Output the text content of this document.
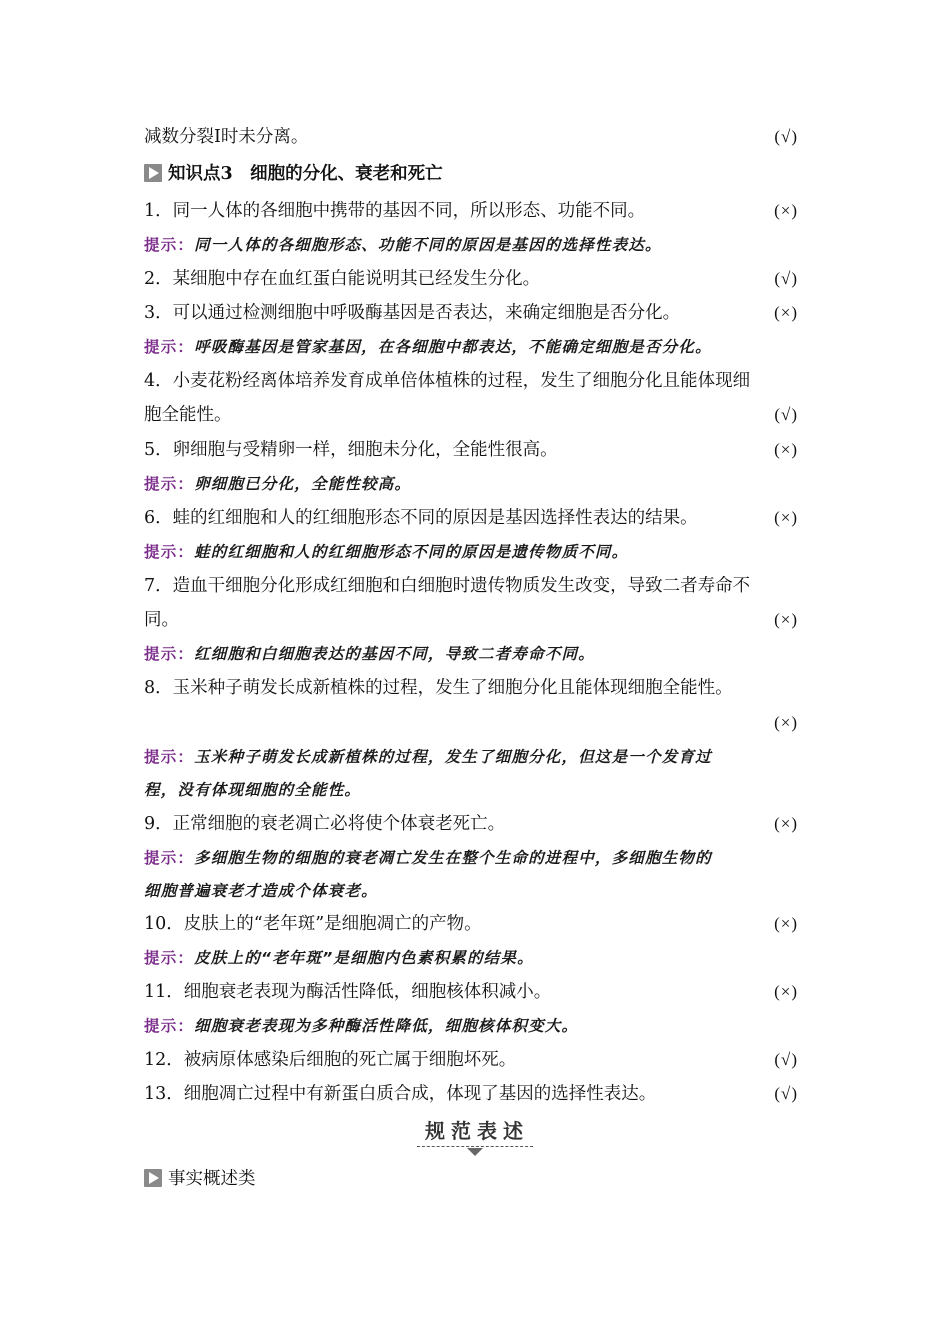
减数分裂Ⅰ时未分离。	(√)
知识点3　细胞的分化、衰老和死亡
1．同一人体的各细胞中携带的基因不同，所以形态、功能不同。	(×)
提示：同一人体的各细胞形态、功能不同的原因是基因的选择性表达。
2．某细胞中存在血红蛋白能说明其已经发生分化。	(√)
3．可以通过检测细胞中呼吸酶基因是否表达，来确定细胞是否分化。	(×)
提示：呼吸酶基因是管家基因，在各细胞中都表达，不能确定细胞是否分化。
4．小麦花粉经离体培养发育成单倍体植株的过程，发生了细胞分化且能体现细
胞全能性。	(√)
5．卵细胞与受精卵一样，细胞未分化，全能性很高。	(×)
提示：卵细胞已分化，全能性较高。
6．蛙的红细胞和人的红细胞形态不同的原因是基因选择性表达的结果。	(×)
提示：蛙的红细胞和人的红细胞形态不同的原因是遗传物质不同。
7．造血干细胞分化形成红细胞和白细胞时遗传物质发生改变，导致二者寿命不
同。	(×)
提示：红细胞和白细胞表达的基因不同，导致二者寿命不同。
8．玉米种子萌发长成新植株的过程，发生了细胞分化且能体现细胞全能性。
(×)
提示：玉米种子萌发长成新植株的过程，发生了细胞分化，但这是一个发育过
程，没有体现细胞的全能性。
9．正常细胞的衰老凋亡必将使个体衰老死亡。	(×)
提示：多细胞生物的细胞的衰老凋亡发生在整个生命的进程中，多细胞生物的
细胞普遍衰老才造成个体衰老。
10．皮肤上的“老年斑”是细胞凋亡的产物。	(×)
提示：皮肤上的“老年斑”是细胞内色素积累的结果。
11．细胞衰老表现为酶活性降低，细胞核体积减小。	(×)
提示：细胞衰老表现为多种酶活性降低，细胞核体积变大。
12．被病原体感染后细胞的死亡属于细胞坏死。	(√)
13．细胞凋亡过程中有新蛋白质合成，体现了基因的选择性表达。	(√)
规范表述
事实概述类
